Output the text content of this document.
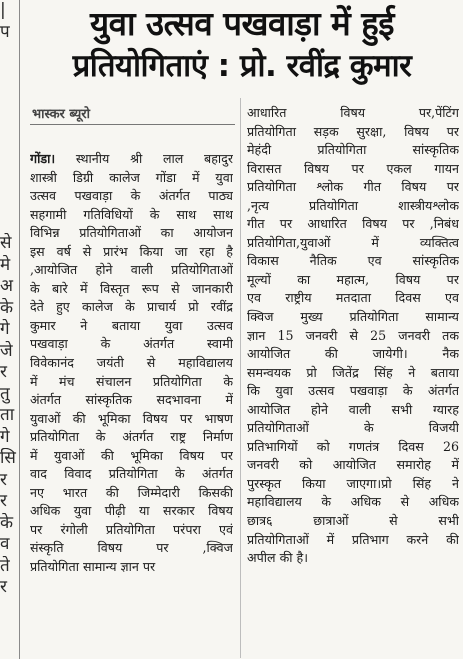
|
प
से
मे
अ
के
गे
जे
र
तु
ता
गे
सि
र
र
के
व
ते
र
युवा उत्सव पखवाड़ा में हुई
प्रतियोगिताएं : प्रो. रवींद्र कुमार
भास्कर ब्यूरो
गोंडा। स्थानीय श्री लाल बहादुर
शास्त्री डिग्री कालेज गोंडा में युवा
उत्सव पखवाड़ा के अंतर्गत पाठ्य
सहगामी गतिविधियों के साथ साथ
विभिन्न प्रतियोगिताओं का आयोजन
इस वर्ष से प्रारंभ किया जा रहा है
,आयोजित होने वाली प्रतियोगिताओं
के बारे में विस्तृत रूप से जानकारी
देते हुए कालेज के प्राचार्य प्रो रवींद्र
कुमार ने बताया युवा उत्सव
पखवाड़ा के अंतर्गत स्वामी
विवेकानंद जयंती से महाविद्यालय
में मंच संचालन प्रतियोगिता के
अंतर्गत सांस्कृतिक सदभावना में
युवाओं की भूमिका विषय पर भाषण
प्रतियोगिता के अंतर्गत राष्ट्र निर्माण
में युवाओं की भूमिका विषय पर
वाद विवाद प्रतियोगिता के अंतर्गत
नए भारत की जिम्मेदारी किसकी
अधिक युवा पीढ़ी या सरकार विषय
पर रंगोली प्रतियोगिता परंपरा एवं
संस्कृति विषय पर ,क्विज
प्रतियोगिता सामान्य ज्ञान पर
आधारित विषय पर,पेंटिंग
प्रतियोगिता सड़क सुरक्षा, विषय पर
मेहंदी प्रतियोगिता सांस्कृतिक
विरासत विषय पर एकल गायन
प्रतियोगिता श्लोक गीत विषय पर
,नृत्य प्रतियोगिता शास्त्रीयश्लोक
गीत पर आधारित विषय पर ,निबंध
प्रतियोगिता,युवाओं में व्यक्तित्व
विकास नैतिक एव सांस्कृतिक
मूल्यों का महात्म, विषय पर
एव राष्ट्रीय मतदाता दिवस एव
क्विज मुख्य प्रतियोगिता सामान्य
ज्ञान 15 जनवरी से 25 जनवरी तक
आयोजित की जायेगी। नैक
समन्वयक प्रो जितेंद्र सिंह ने बताया
कि युवा उत्सव पखवाड़ा के अंतर्गत
आयोजित होने वाली सभी ग्यारह
प्रतियोगिताओं के विजयी
प्रतिभागियों को गणतंत्र दिवस 26
जनवरी को आयोजित समारोह में
पुरस्कृत किया जाएगा।प्रो सिंह ने
महाविद्यालय के अधिक से अधिक
छात्र६ छात्राओं से सभी
प्रतियोगिताओं में प्रतिभाग करने की
अपील की है।
